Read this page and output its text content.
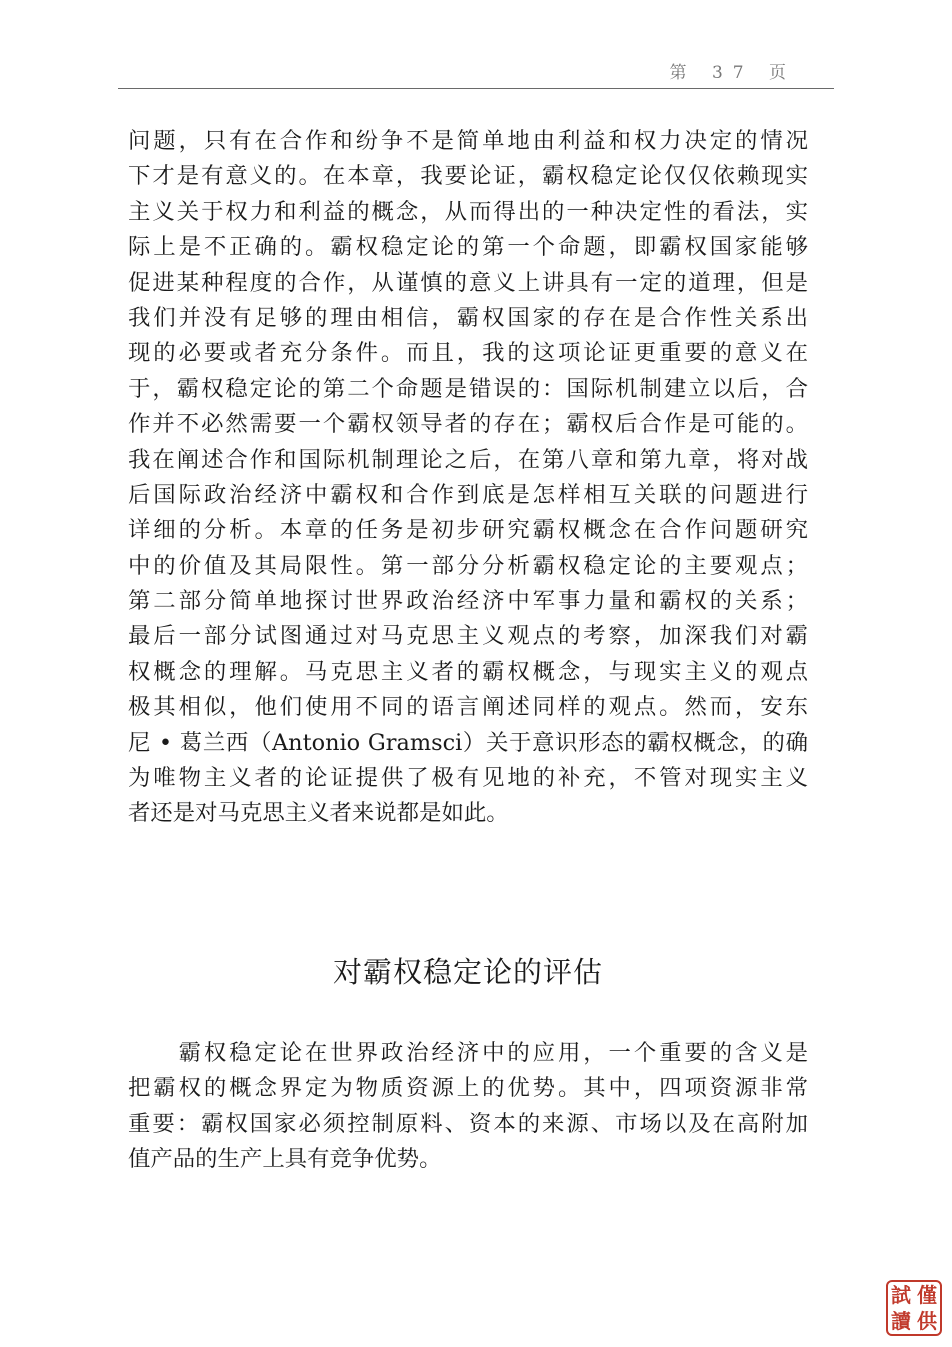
第 37 页
问题，只有在合作和纷争不是简单地由利益和权力决定的情况
下才是有意义的。在本章，我要论证，霸权稳定论仅仅依赖现实
主义关于权力和利益的概念，从而得出的一种决定性的看法，实
际上是不正确的。霸权稳定论的第一个命题，即霸权国家能够
促进某种程度的合作，从谨慎的意义上讲具有一定的道理，但是
我们并没有足够的理由相信，霸权国家的存在是合作性关系出
现的必要或者充分条件。而且，我的这项论证更重要的意义在
于，霸权稳定论的第二个命题是错误的：国际机制建立以后，合
作并不必然需要一个霸权领导者的存在；霸权后合作是可能的。
我在阐述合作和国际机制理论之后，在第八章和第九章，将对战
后国际政治经济中霸权和合作到底是怎样相互关联的问题进行
详细的分析。本章的任务是初步研究霸权概念在合作问题研究
中的价值及其局限性。第一部分分析霸权稳定论的主要观点；
第二部分简单地探讨世界政治经济中军事力量和霸权的关系；
最后一部分试图通过对马克思主义观点的考察，加深我们对霸
权概念的理解。马克思主义者的霸权概念，与现实主义的观点
极其相似，他们使用不同的语言阐述同样的观点。然而，安东
尼 • 葛兰西（Antonio Gramsci）关于意识形态的霸权概念，的确
为唯物主义者的论证提供了极有见地的补充，不管对现实主义
者还是对马克思主义者来说都是如此。
对霸权稳定论的评估
　　霸权稳定论在世界政治经济中的应用，一个重要的含义是
把霸权的概念界定为物质资源上的优势。其中，四项资源非常
重要：霸权国家必须控制原料、资本的来源、市场以及在高附加
值产品的生产上具有竞争优势。
試 僅
讀 供
